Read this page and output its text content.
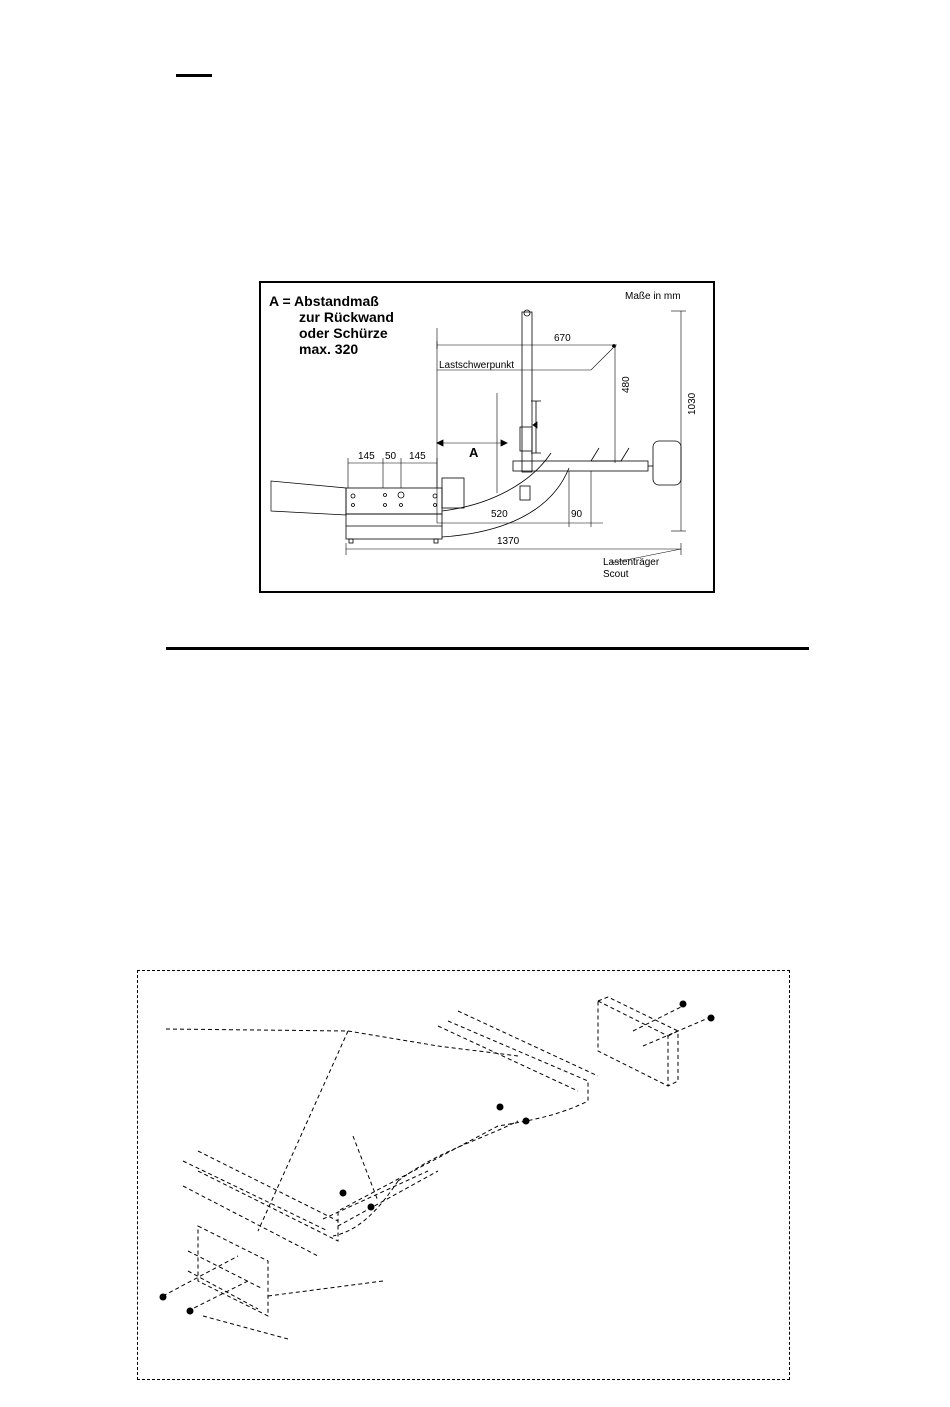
A = Abstandmaß
zur Rückwand
oder Schürze
max. 320
Maße in mm
670
Lastschwerpunkt
480
1030
A
145 50 145
520	90
1370
Lastenträger
Scout
